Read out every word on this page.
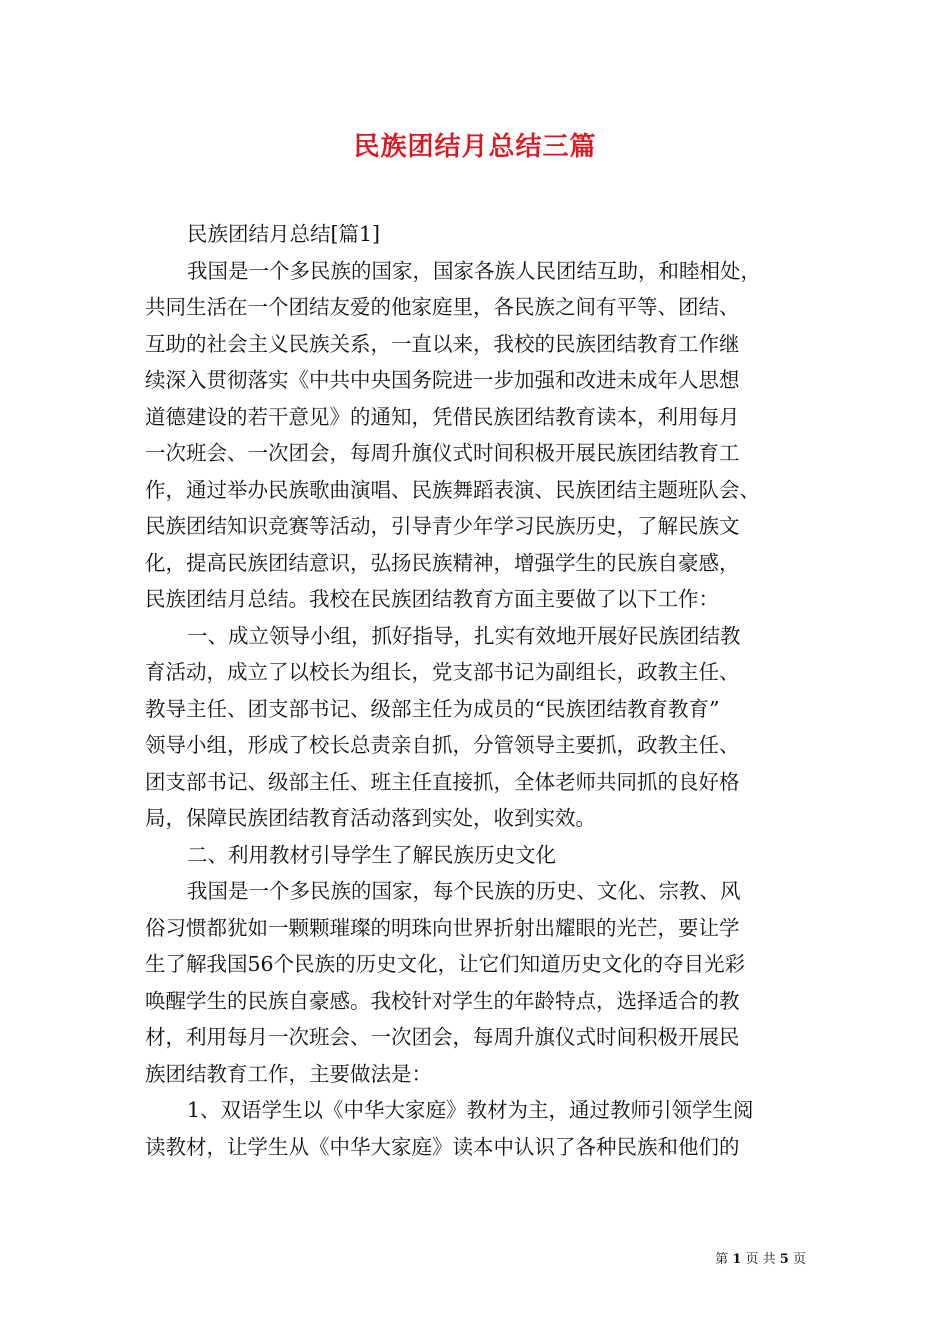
民族团结月总结三篇

民族团结月总结[篇1]

我国是一个多民族的国家，国家各族人民团结互助，和睦相处，
共同生活在一个团结友爱的他家庭里，各民族之间有平等、团结、
互助的社会主义民族关系，一直以来，我校的民族团结教育工作继
续深入贯彻落实《中共中央国务院进一步加强和改进未成年人思想
道德建设的若干意见》的通知，凭借民族团结教育读本，利用每月
一次班会、一次团会，每周升旗仪式时间积极开展民族团结教育工
作，通过举办民族歌曲演唱、民族舞蹈表演、民族团结主题班队会、
民族团结知识竞赛等活动，引导青少年学习民族历史，了解民族文
化，提高民族团结意识，弘扬民族精神，增强学生的民族自豪感，
民族团结月总结。我校在民族团结教育方面主要做了以下工作：

一、成立领导小组，抓好指导，扎实有效地开展好民族团结教
育活动，成立了以校长为组长，党支部书记为副组长，政教主任、
教导主任、团支部书记、级部主任为成员的“民族团结教育教育”
领导小组，形成了校长总责亲自抓，分管领导主要抓，政教主任、
团支部书记、级部主任、班主任直接抓，全体老师共同抓的良好格
局，保障民族团结教育活动落到实处，收到实效。

二、利用教材引导学生了解民族历史文化

我国是一个多民族的国家，每个民族的历史、文化、宗教、风
俗习惯都犹如一颗颗璀璨的明珠向世界折射出耀眼的光芒，要让学
生了解我国56个民族的历史文化，让它们知道历史文化的夺目光彩
唤醒学生的民族自豪感。我校针对学生的年龄特点，选择适合的教
材，利用每月一次班会、一次团会，每周升旗仪式时间积极开展民
族团结教育工作，主要做法是：

1、双语学生以《中华大家庭》教材为主，通过教师引领学生阅
读教材，让学生从《中华大家庭》读本中认识了各种民族和他们的

第 1 页 共 5 页
